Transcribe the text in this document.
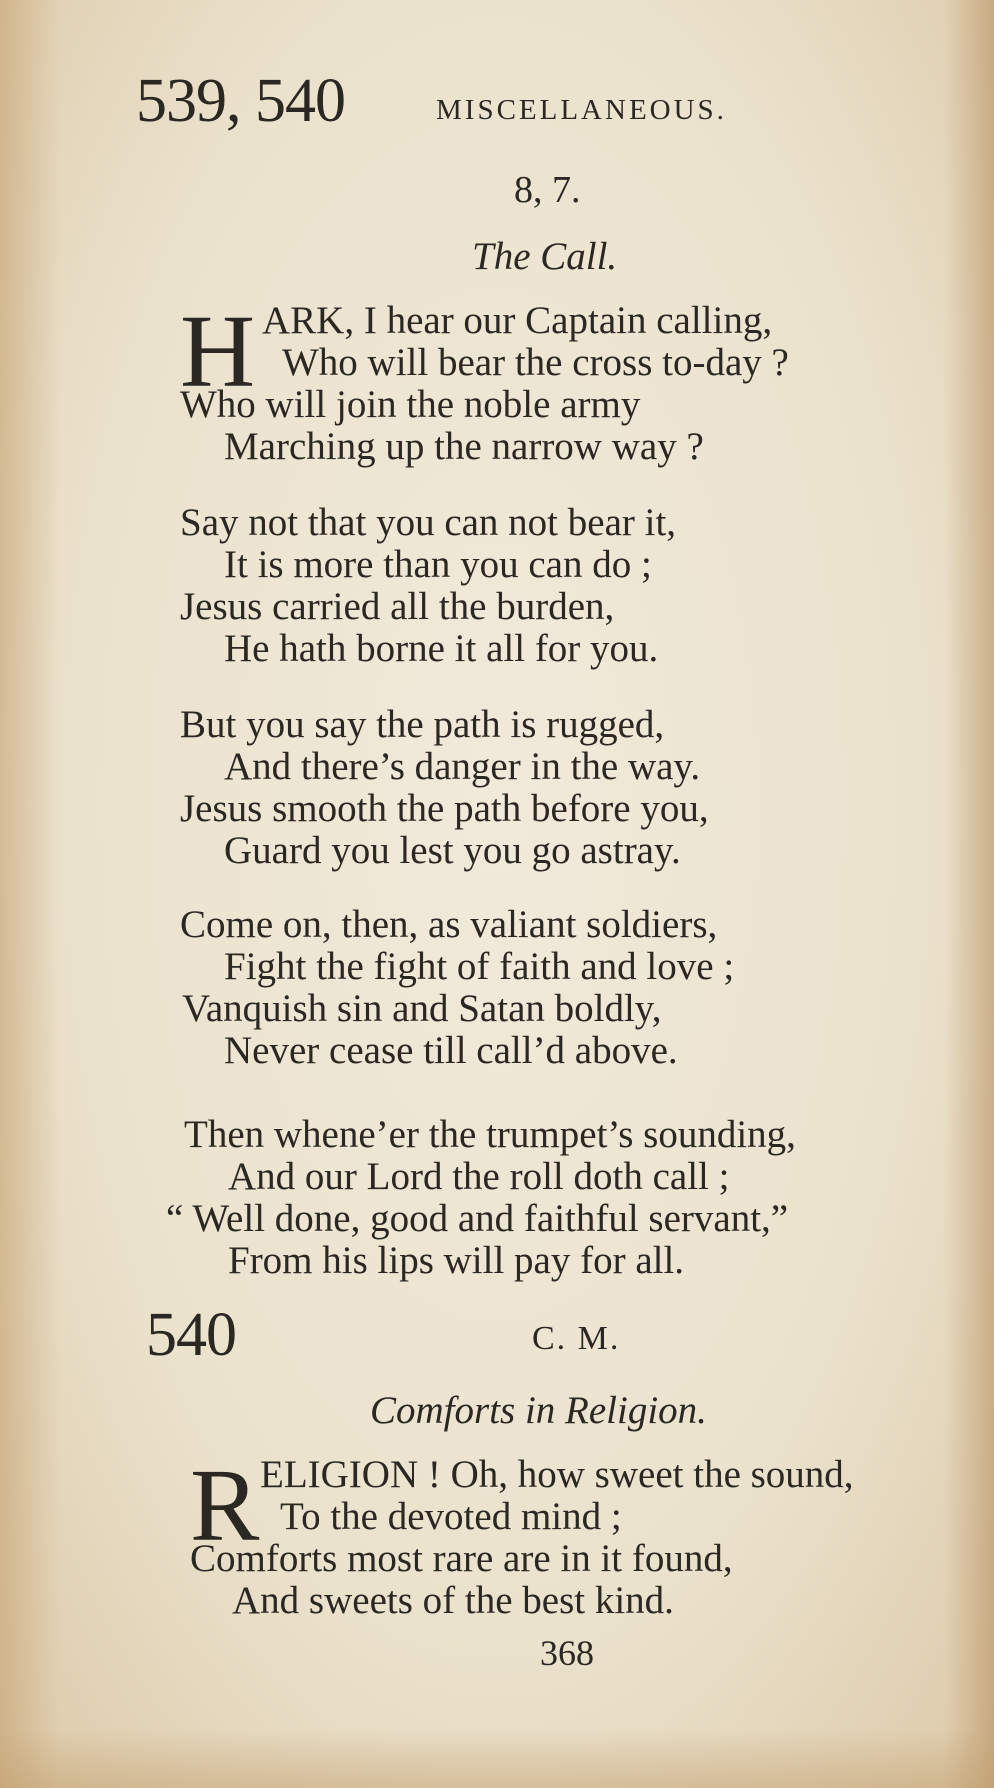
539, 540	MISCELLANEOUS.
8, 7.
The Call.
H ARK, I hear our Captain calling,
Who will bear the cross to-day ?
Who will join the noble army
Marching up the narrow way ?
Say not that you can not bear it,
It is more than you can do ;
Jesus carried all the burden,
He hath borne it all for you.
But you say the path is rugged,
And there’s danger in the way.
Jesus smooth the path before you,
Guard you lest you go astray.
Come on, then, as valiant soldiers,
Fight the fight of faith and love ;
Vanquish sin and Satan boldly,
Never cease till call’d above.
Then whene’er the trumpet’s sounding,
And our Lord the roll doth call ;
“ Well done, good and faithful servant,”
From his lips will pay for all.
540	C. M.
Comforts in Religion.
R ELIGION ! Oh, how sweet the sound,
To the devoted mind ;
Comforts most rare are in it found,
And sweets of the best kind.
368
